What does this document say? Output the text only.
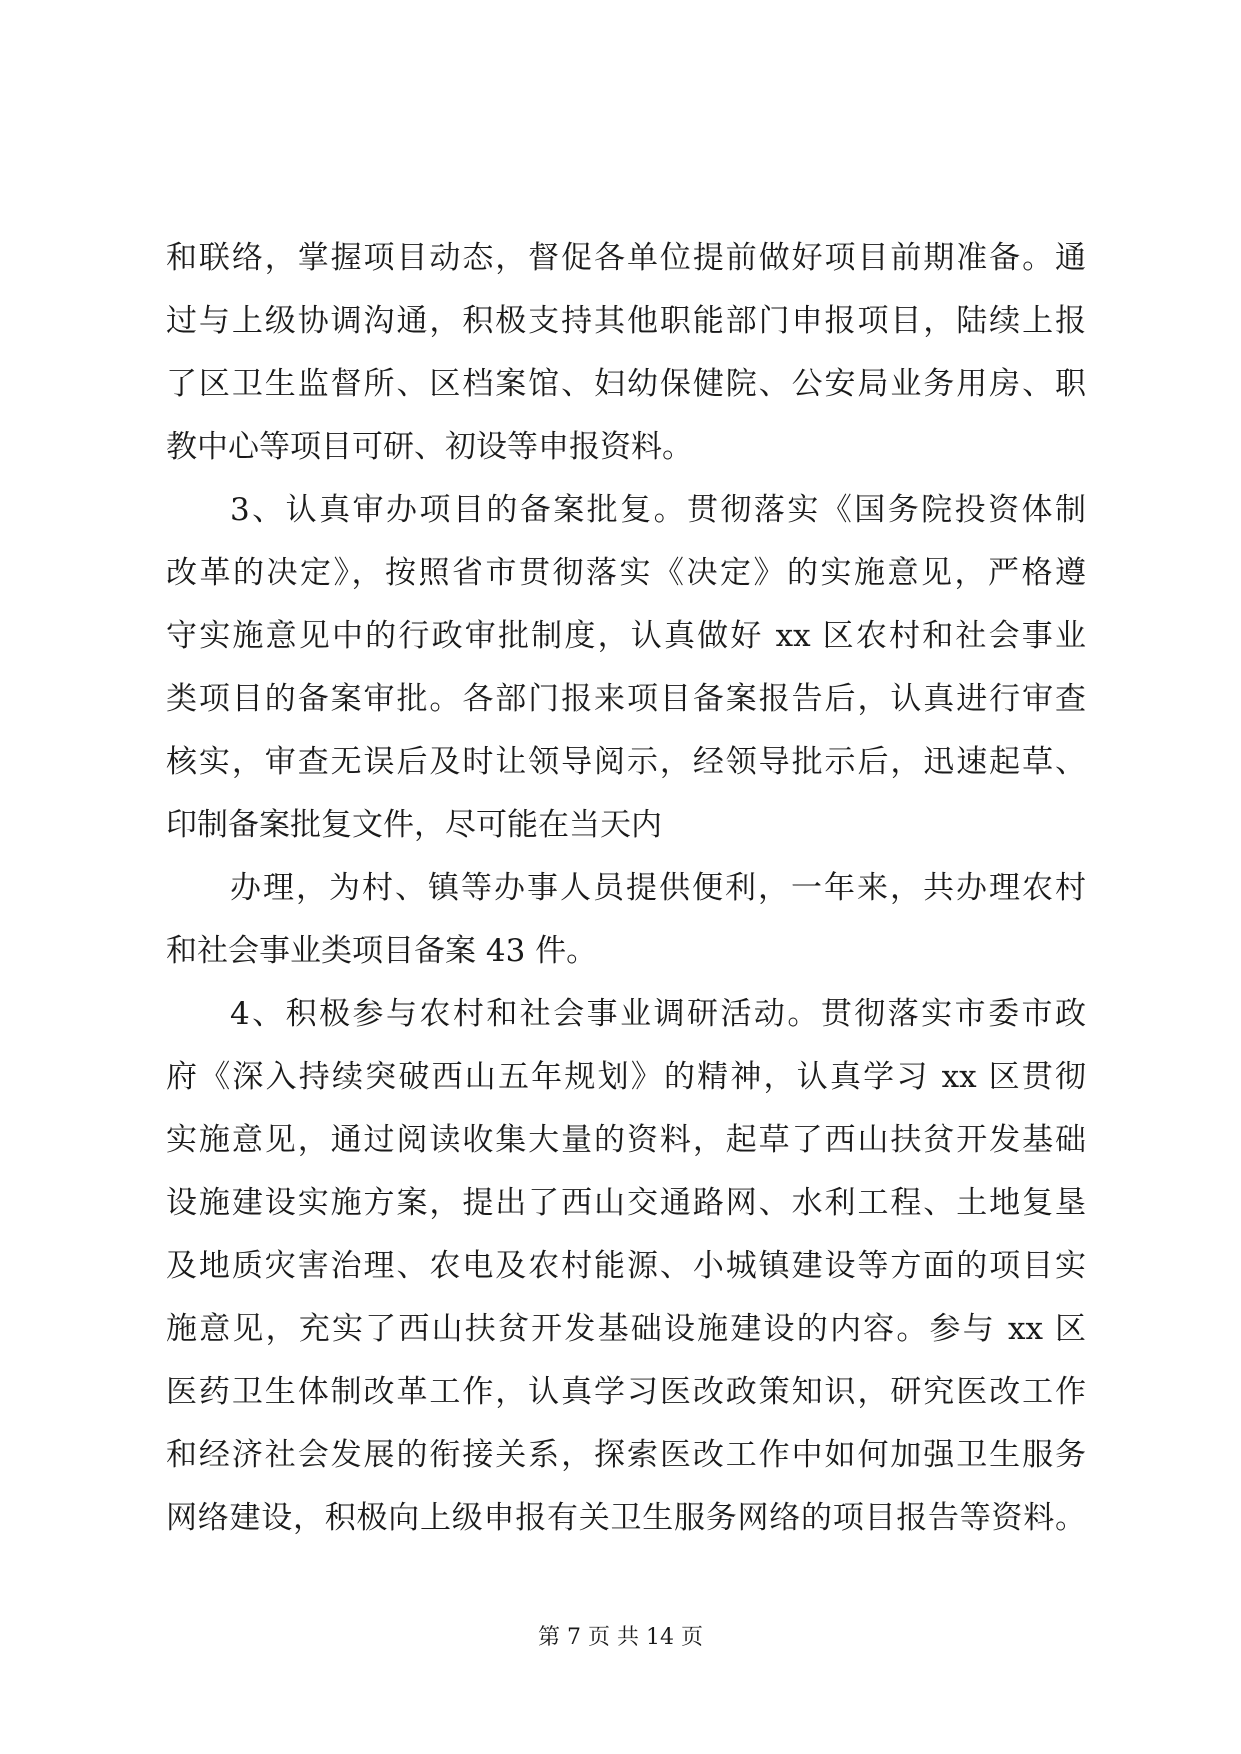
和联络，掌握项目动态，督促各单位提前做好项目前期准备。通
过与上级协调沟通，积极支持其他职能部门申报项目，陆续上报
了区卫生监督所、区档案馆、妇幼保健院、公安局业务用房、职
教中心等项目可研、初设等申报资料。
3、认真审办项目的备案批复。贯彻落实《国务院投资体制
改革的决定》，按照省市贯彻落实《决定》的实施意见，严格遵
守实施意见中的行政审批制度，认真做好 xx 区农村和社会事业
类项目的备案审批。各部门报来项目备案报告后，认真进行审查
核实，审查无误后及时让领导阅示，经领导批示后，迅速起草、
印制备案批复文件，尽可能在当天内
办理，为村、镇等办事人员提供便利，一年来，共办理农村
和社会事业类项目备案 43 件。
4、积极参与农村和社会事业调研活动。贯彻落实市委市政
府《深入持续突破西山五年规划》的精神，认真学习 xx 区贯彻
实施意见，通过阅读收集大量的资料，起草了西山扶贫开发基础
设施建设实施方案，提出了西山交通路网、水利工程、土地复垦
及地质灾害治理、农电及农村能源、小城镇建设等方面的项目实
施意见，充实了西山扶贫开发基础设施建设的内容。参与 xx 区
医药卫生体制改革工作，认真学习医改政策知识，研究医改工作
和经济社会发展的衔接关系，探索医改工作中如何加强卫生服务
网络建设，积极向上级申报有关卫生服务网络的项目报告等资料。
第 7 页 共 14 页
